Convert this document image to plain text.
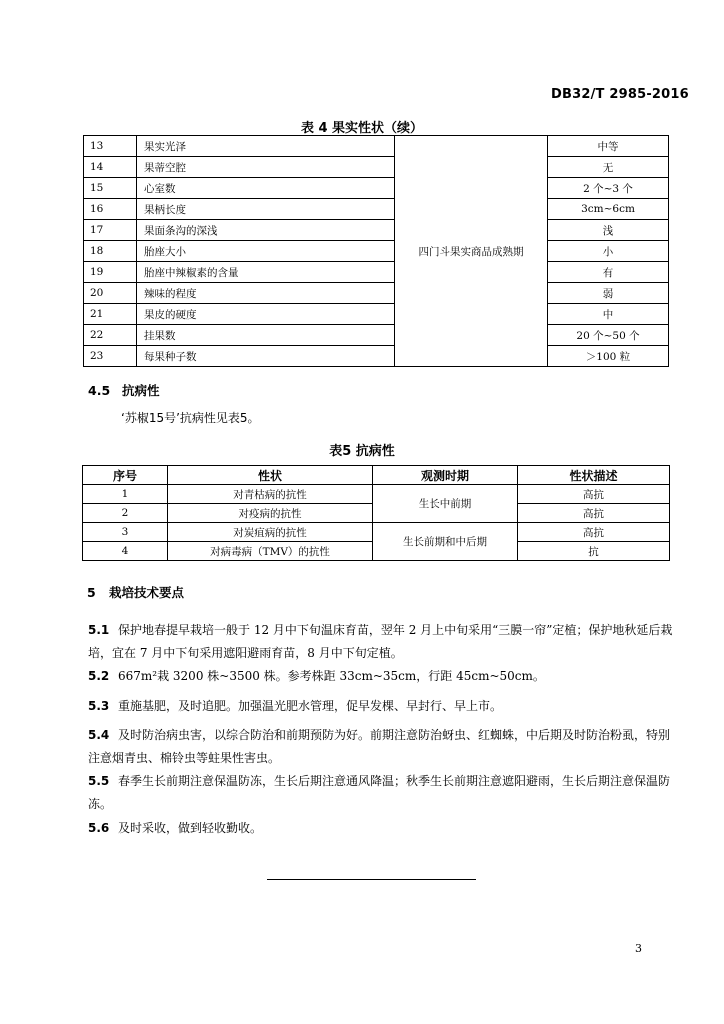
DB32/T 2985-2016
表 4 果实性状（续）
13	果实光泽	四门斗果实商品成熟期	中等
14	果蒂空腔		无
15	心室数		2 个~3 个
16	果柄长度		3cm~6cm
17	果面条沟的深浅		浅
18	胎座大小		小
19	胎座中辣椒素的含量		有
20	辣味的程度		弱
21	果皮的硬度		中
22	挂果数		20 个~50 个
23	每果种子数		＞100 粒
4.5 抗病性
‘苏椒15号’抗病性见表5。
表5 抗病性
序号	性状	观测时期	性状描述
1	对青枯病的抗性	生长中前期	高抗
2	对疫病的抗性		高抗
3	对炭疽病的抗性	生长前期和中后期	高抗
4	对病毒病（TMV）的抗性		抗
5 栽培技术要点
5.1 保护地春提早栽培一般于 12 月中下旬温床育苗，翌年 2 月上中旬采用“三膜一帘”定植；保护地秋延后栽培，宜在 7 月中下旬采用遮阳避雨育苗，8 月中下旬定植。
5.2 667m²栽 3200 株~3500 株。参考株距 33cm~35cm，行距 45cm~50cm。
5.3 重施基肥，及时追肥。加强温光肥水管理，促早发棵、早封行、早上市。
5.4 及时防治病虫害，以综合防治和前期预防为好。前期注意防治蚜虫、红蜘蛛，中后期及时防治粉虱，特别注意烟青虫、棉铃虫等蛀果性害虫。
5.5 春季生长前期注意保温防冻，生长后期注意通风降温；秋季生长前期注意遮阳避雨，生长后期注意保温防冻。
5.6 及时采收，做到轻收勤收。
3
